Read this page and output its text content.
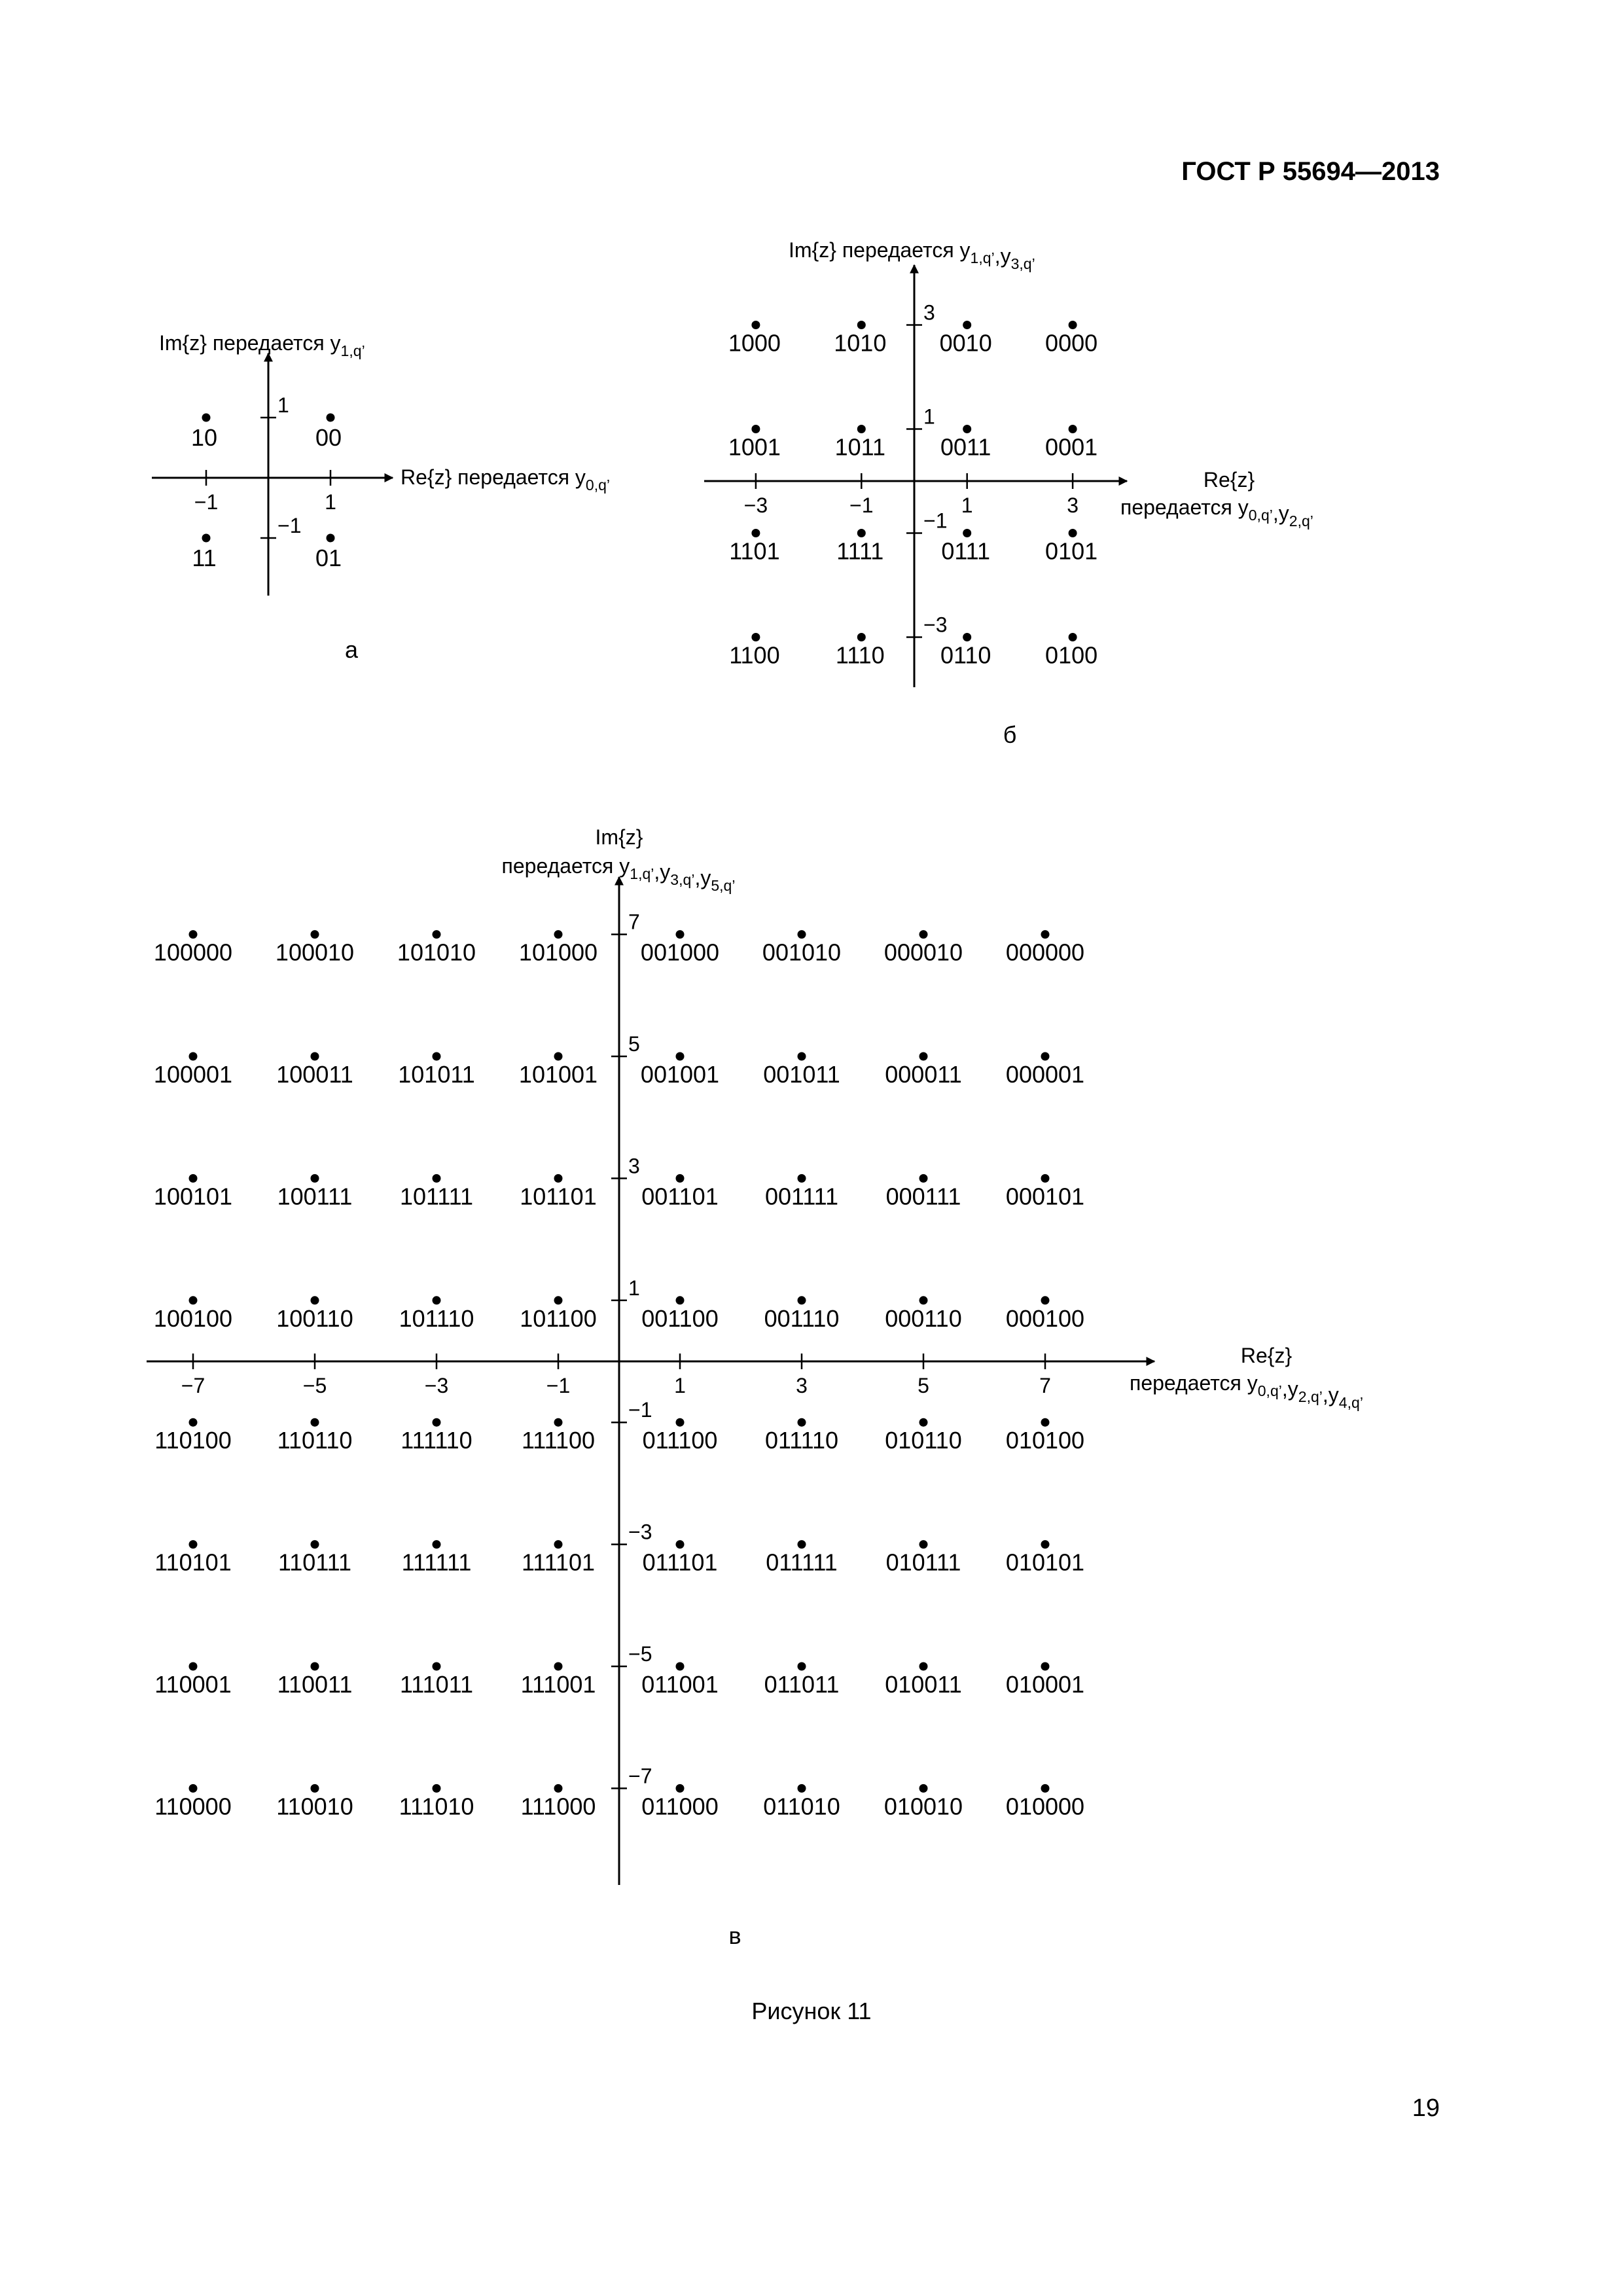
ГОСТ Р 55694—2013
−1	1
1
−1
10	00
11	01
Im{z} передается $y_{1,q’}$
Re{z} передается $y_{0,q’}$
а
−3	−1	1	3
3
1
−1
−3
1000 1010 0010 0000
1001 1011 0011 0001
1101 1111 0111 0101
1100 1110 0110 0100
Im{z} передается $y_{1,q’},y_{3,q’}$
Re{z}
передается $y_{0,q’},y_{2,q’}$
б
−7	−5	−3	−1	1	3	5	7
7
5
3
1
−1
−3
−5
−7
100000 100010 101010 101000 001000 001010 000010 000000
100001 100011 101011 101001 001001 001011 000011 000001
100101 100111 101111 101101 001101 001111 000111 000101
100100 100110 101110 101100 001100 001110 000110 000100
110100 110110 111110 111100 011100 011110 010110 010100
110101 110111 111111 111101 011101 011111 010111 010101
110001 110011 111011 111001 011001 011011 010011 010001
110000 110010 111010 111000 011000 011010 010010 010000
Im{z}
передается $y_{1,q’},y_{3,q’},y_{5,q’}$
Re{z}
передается $y_{0,q’},y_{2,q’},y_{4,q’}$
в
Рисунок 11
19
